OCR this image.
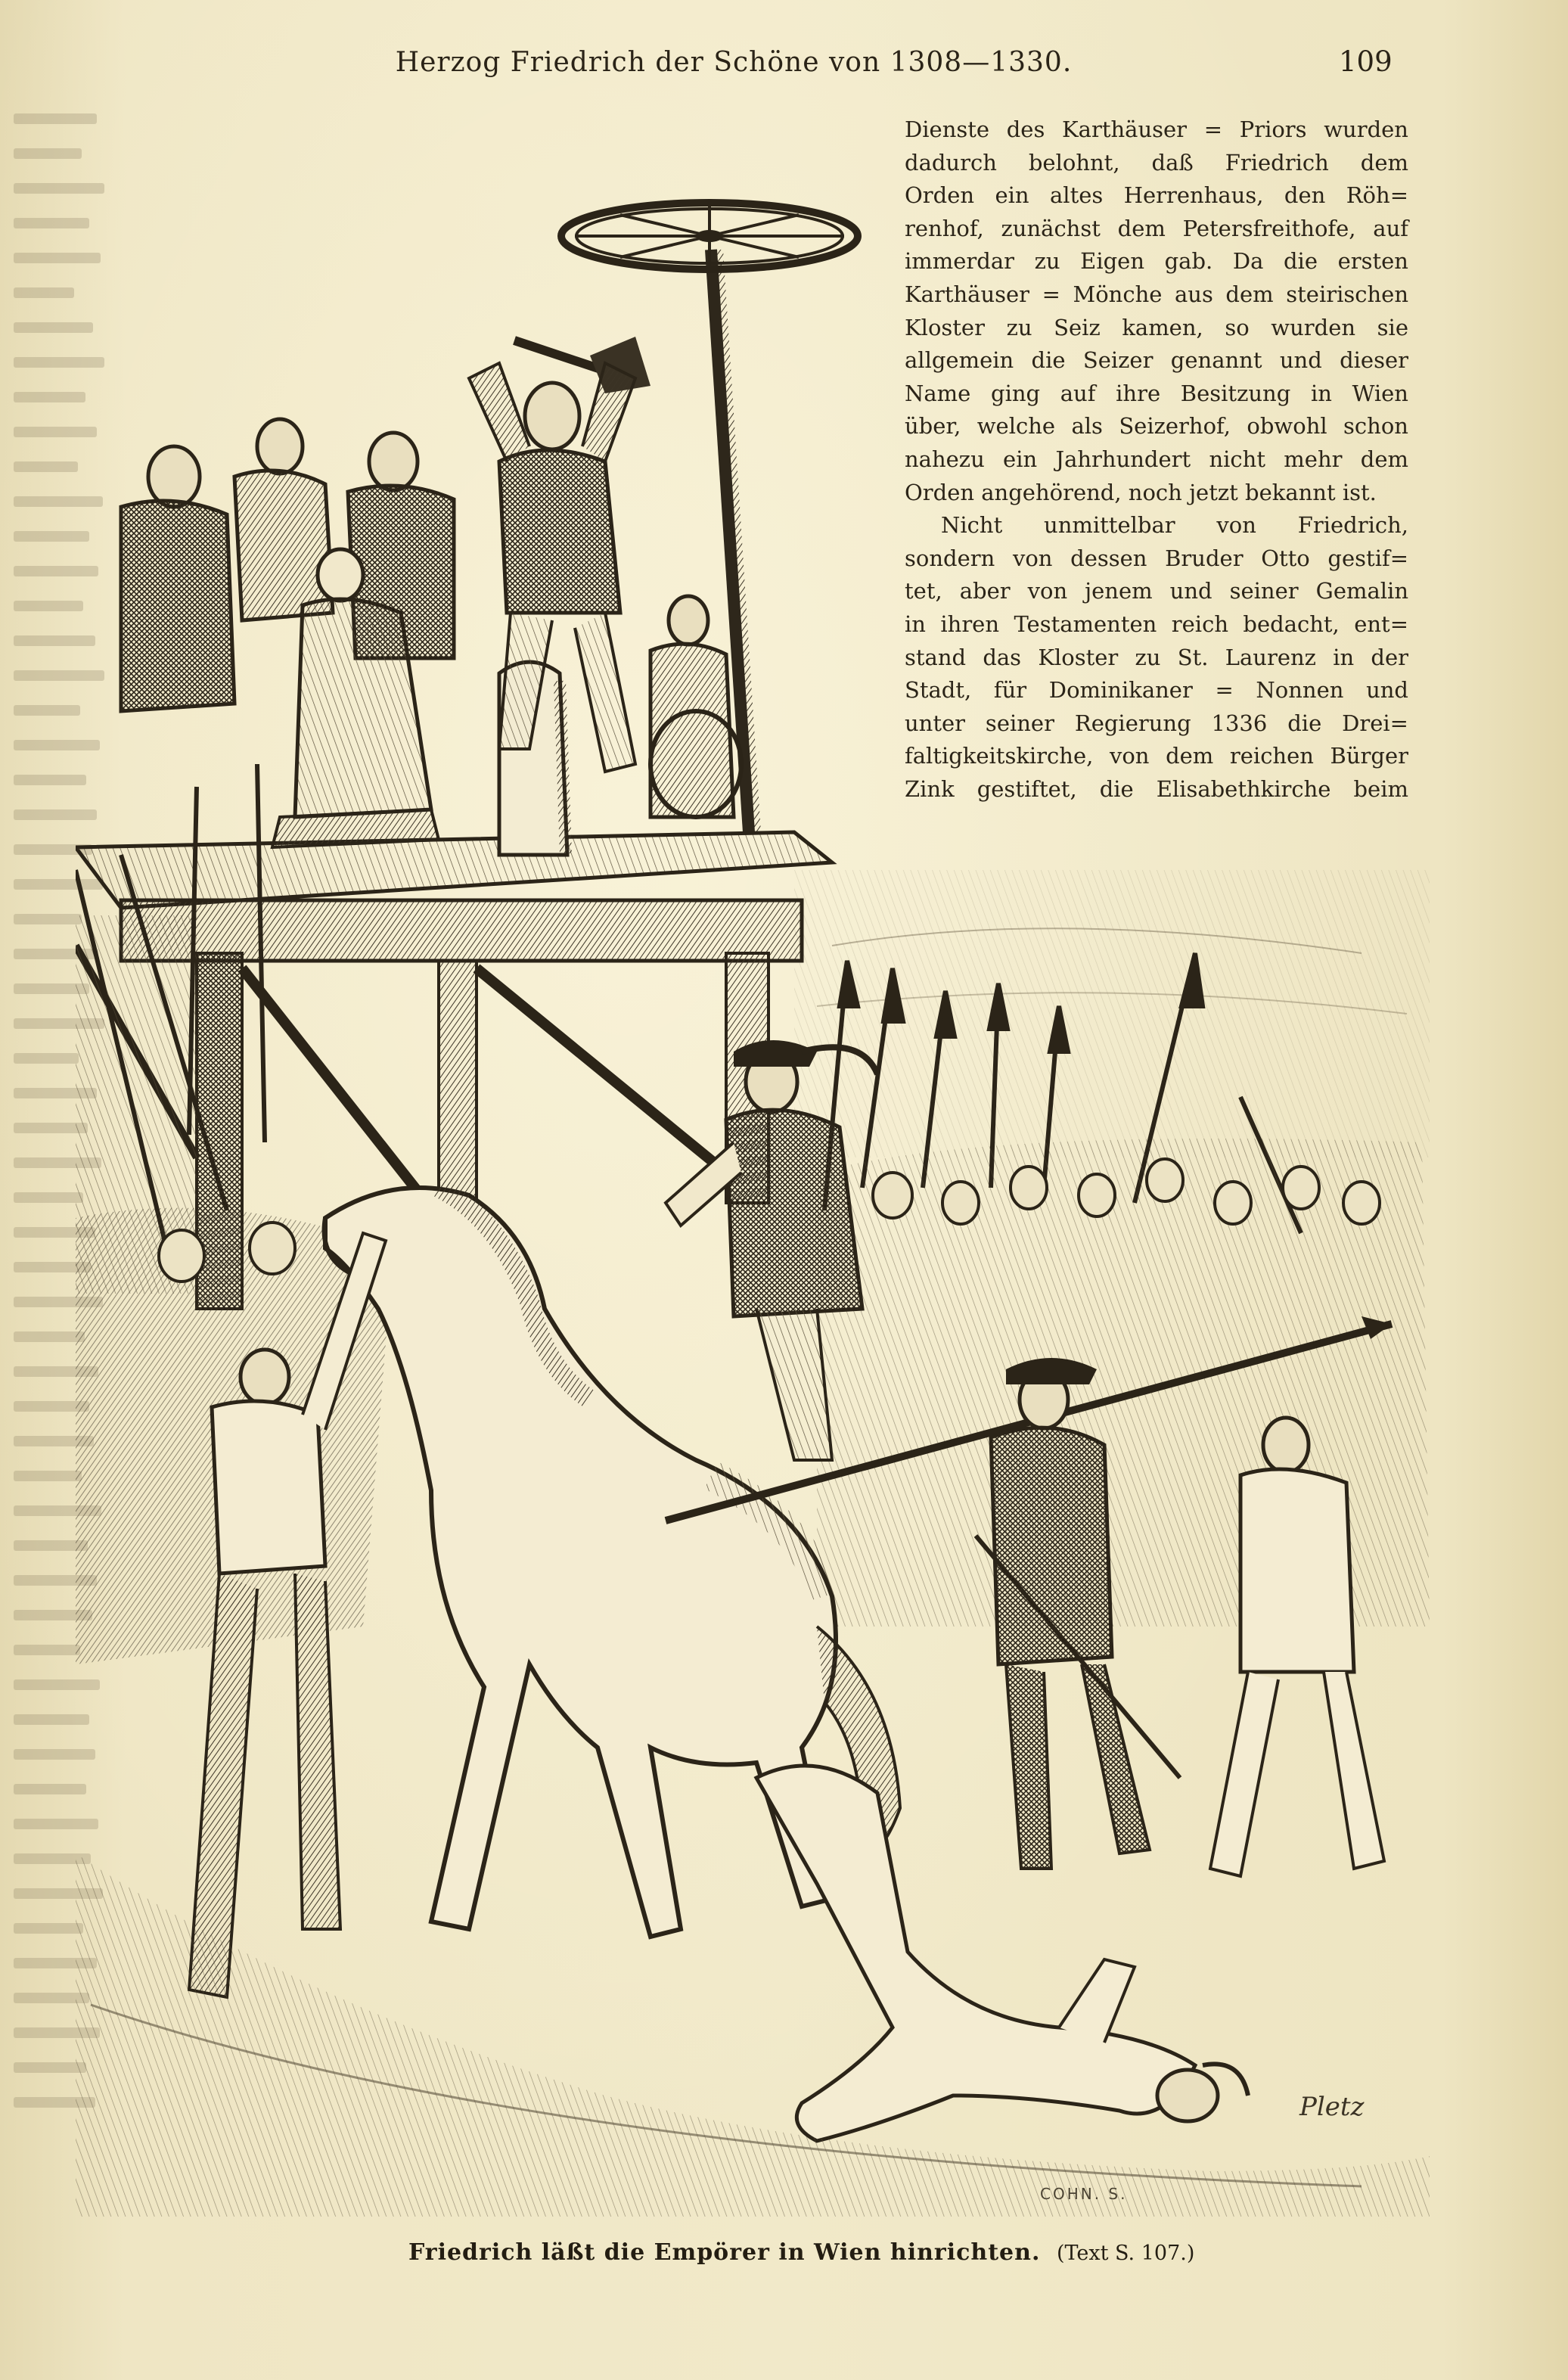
Herzog Friedrich der Schöne von 1308—1330.	109
Dienste des Karthäuser = Priors wurden
dadurch belohnt, daß Friedrich dem
Orden ein altes Herrenhaus, den Röh=
renhof, zunächst dem Petersfreithofe, auf
immerdar zu Eigen gab. Da die ersten
Karthäuser = Mönche aus dem steirischen
Kloster zu Seiz kamen, so wurden sie
allgemein die Seizer genannt und dieser
Name ging auf ihre Besitzung in Wien
über, welche als Seizerhof, obwohl schon
nahezu ein Jahrhundert nicht mehr dem
Orden angehörend, noch jetzt bekannt ist.
Nicht unmittelbar von Friedrich,
sondern von dessen Bruder Otto gestif=
tet, aber von jenem und seiner Gemalin
in ihren Testamenten reich bedacht, ent=
stand das Kloster zu St. Laurenz in der
Stadt, für Dominikaner = Nonnen und
unter seiner Regierung 1336 die Drei=
faltigkeitskirche, von dem reichen Bürger
Zink gestiftet, die Elisabethkirche beim
Pletz
COHN. S.
Friedrich läßt die Empörer in Wien hinrichten. (Text S. 107.)
